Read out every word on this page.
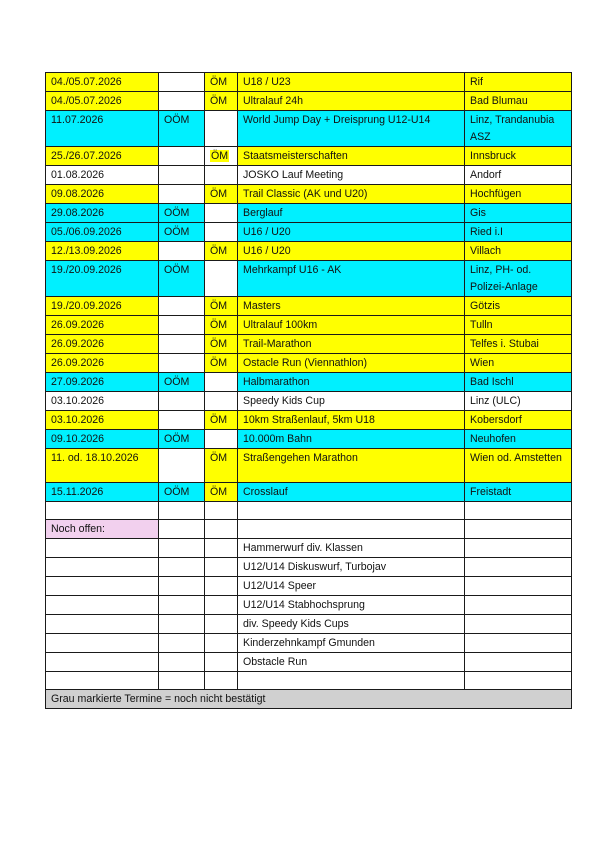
04./05.07.2026		ÖM	U18 / U23	Rif
04./05.07.2026		ÖM	Ultralauf 24h	Bad Blumau
11.07.2026	OÖM		World Jump Day + Dreisprung U12-U14	Linz, Trandanubia ASZ
25./26.07.2026		ÖM	Staatsmeisterschaften	Innsbruck
01.08.2026			JOSKO Lauf Meeting	Andorf
09.08.2026		ÖM	Trail Classic (AK und U20)	Hochfügen
29.08.2026	OÖM		Berglauf	Gis
05./06.09.2026	OÖM		U16 / U20	Ried i.I
12./13.09.2026		ÖM	U16 / U20	Villach
19./20.09.2026	OÖM		Mehrkampf U16 - AK	Linz, PH- od. Polizei-Anlage
19./20.09.2026		ÖM	Masters	Götzis
26.09.2026		ÖM	Ultralauf 100km	Tulln
26.09.2026		ÖM	Trail-Marathon	Telfes i. Stubai
26.09.2026		ÖM	Ostacle Run (Viennathlon)	Wien
27.09.2026	OÖM		Halbmarathon	Bad Ischl
03.10.2026			Speedy Kids Cup	Linz (ULC)
03.10.2026		ÖM	10km Straßenlauf, 5km U18	Kobersdorf
09.10.2026	OÖM		10.000m Bahn	Neuhofen
11. od. 18.10.2026		ÖM	Straßengehen Marathon	Wien od. Amstetten
15.11.2026	OÖM	ÖM	Crosslauf	Freistadt

Noch offen:				
			Hammerwurf div. Klassen	
			U12/U14 Diskuswurf, Turbojav	
			U12/U14 Speer	
			U12/U14 Stabhochsprung	
			div. Speedy Kids Cups	
			Kinderzehnkampf Gmunden	
			Obstacle Run	

Grau markierte Termine = noch nicht bestätigt				
